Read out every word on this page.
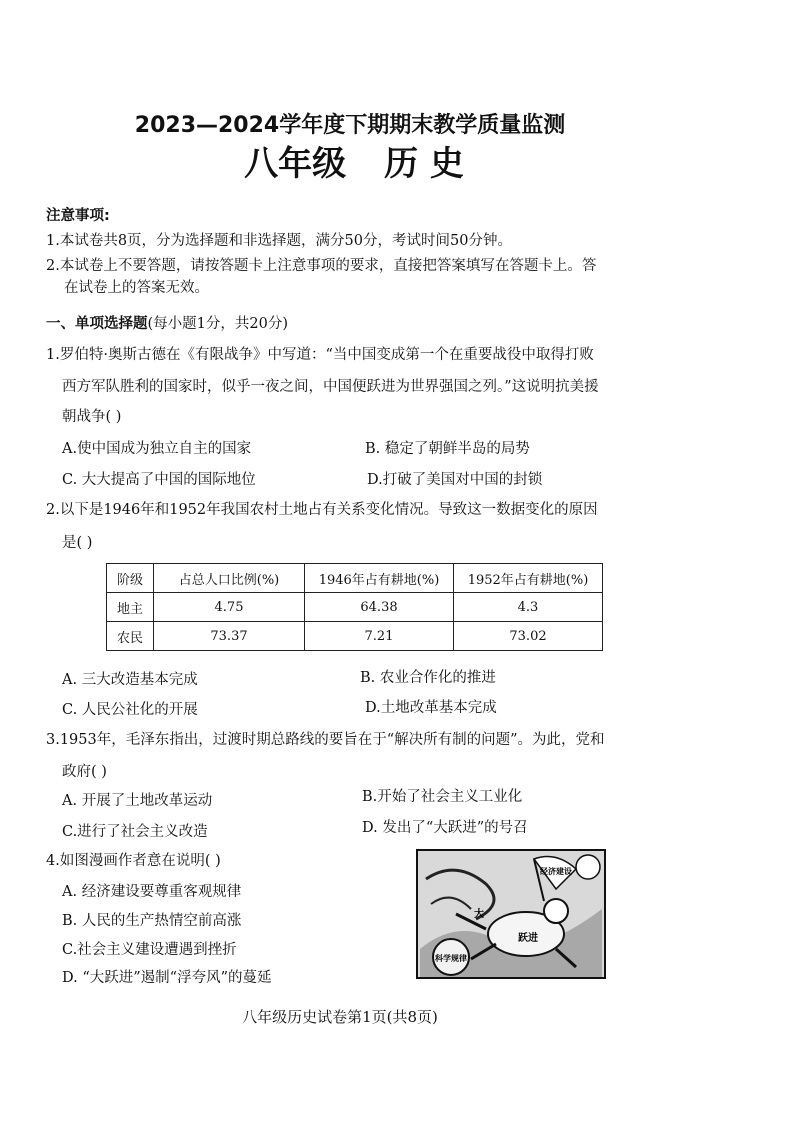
2023—2024学年度下期期末教学质量监测
八年级 历 史
注意事项:
1.本试卷共8页，分为选择题和非选择题，满分50分，考试时间50分钟。
2.本试卷上不要答题，请按答题卡上注意事项的要求，直接把答案填写在答题卡上。答
在试卷上的答案无效。
一、单项选择题(每小题1分，共20分)
1.罗伯特·奥斯古德在《有限战争》中写道：“当中国变成第一个在重要战役中取得打败
西方军队胜利的国家时，似乎一夜之间，中国便跃进为世界强国之列。”这说明抗美援
朝战争( )
A.使中国成为独立自主的国家	B. 稳定了朝鲜半岛的局势
C. 大大提高了中国的国际地位	D.打破了美国对中国的封锁
2.以下是1946年和1952年我国农村土地占有关系变化情况。导致这一数据变化的原因
是( )
阶级	占总人口比例(%)	1946年占有耕地(%)	1952年占有耕地(%)
地主	4.75	64.38	4.3
农民	73.37	7.21	73.02
A. 三大改造基本完成	B. 农业合作化的推进
C. 人民公社化的开展	D.土地改革基本完成
3.1953年，毛泽东指出，过渡时期总路线的要旨在于“解决所有制的问题”。为此，党和
政府( )
A. 开展了土地改革运动	B.开始了社会主义工业化
C.进行了社会主义改造	D. 发出了“大跃进”的号召
4.如图漫画作者意在说明( )
A. 经济建设要尊重客观规律
B. 人民的生产热情空前高涨
C.社会主义建设遭遇到挫折
D. “大跃进”遏制“浮夸风”的蔓延
科学规律
经济建设
大
跃进
八年级历史试卷第1页(共8页)
